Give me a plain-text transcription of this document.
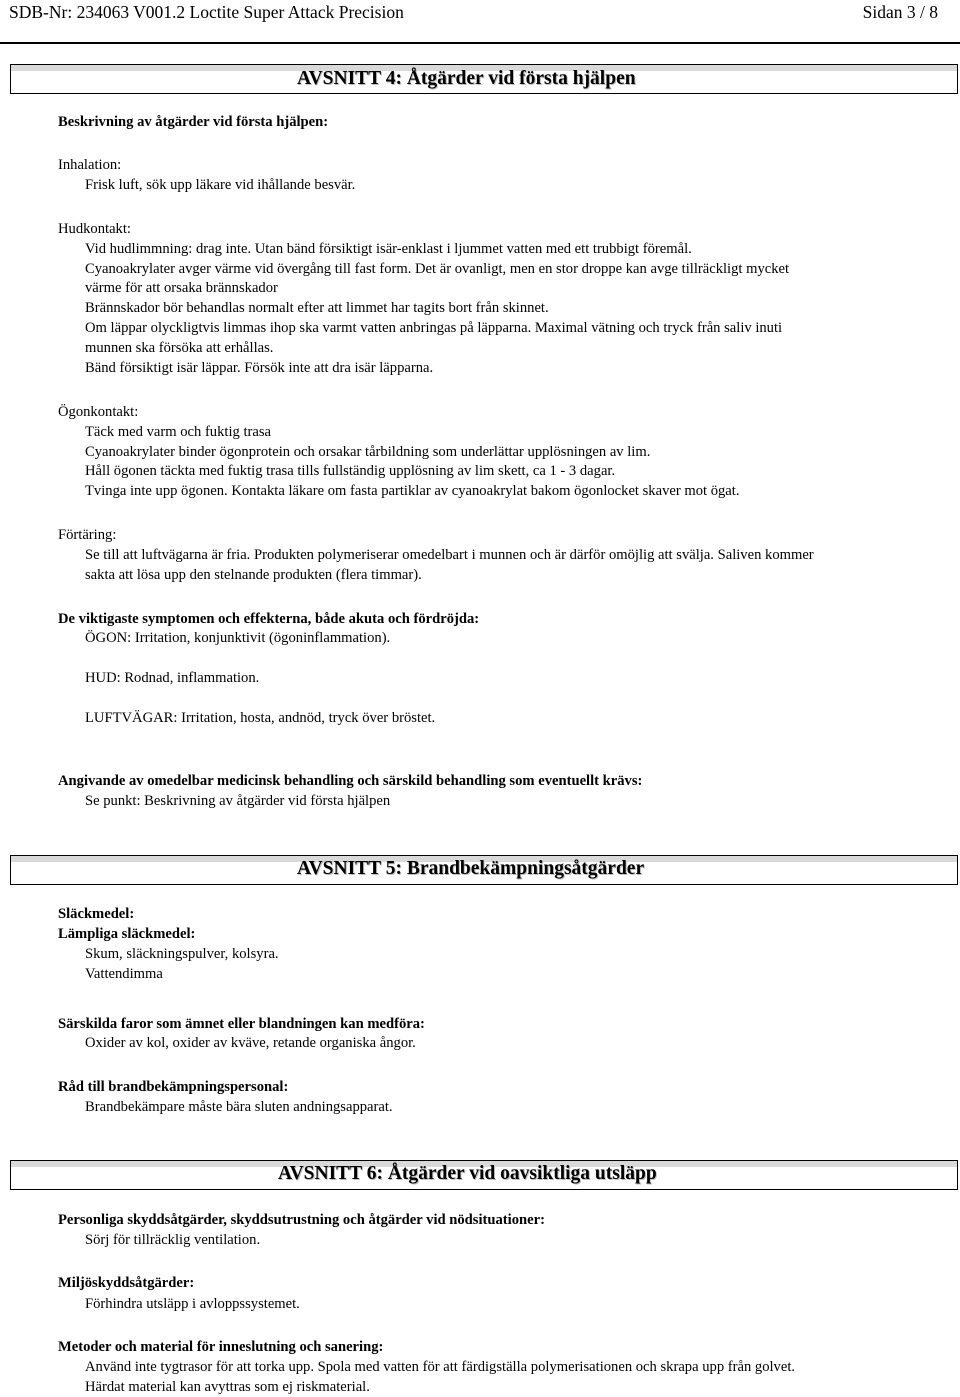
SDB-Nr: 234063 V001.2 Loctite Super Attack Precision	Sidan 3 / 8
AVSNITT 4: Åtgärder vid första hjälpen
Beskrivning av åtgärder vid första hjälpen:
Inhalation:
Frisk luft, sök upp läkare vid ihållande besvär.
Hudkontakt:
Vid hudlimmning: drag inte. Utan bänd försiktigt isär-enklast i ljummet vatten med ett trubbigt föremål.
Cyanoakrylater avger värme vid övergång till fast form. Det är ovanligt, men en stor droppe kan avge tillräckligt mycket
värme för att orsaka brännskador
Brännskador bör behandlas normalt efter att limmet har tagits bort från skinnet.
Om läppar olyckligtvis limmas ihop ska varmt vatten anbringas på läpparna. Maximal vätning och tryck från saliv inuti
munnen ska försöka att erhållas.
Bänd försiktigt isär läppar. Försök inte att dra isär läpparna.
Ögonkontakt:
Täck med varm och fuktig trasa
Cyanoakrylater binder ögonprotein och orsakar tårbildning som underlättar upplösningen av lim.
Håll ögonen täckta med fuktig trasa tills fullständig upplösning av lim skett, ca 1 - 3 dagar.
Tvinga inte upp ögonen. Kontakta läkare om fasta partiklar av cyanoakrylat bakom ögonlocket skaver mot ögat.
Förtäring:
Se till att luftvägarna är fria. Produkten polymeriserar omedelbart i munnen och är därför omöjlig att svälja. Saliven kommer
sakta att lösa upp den stelnande produkten (flera timmar).
De viktigaste symptomen och effekterna, både akuta och fördröjda:
ÖGON: Irritation, konjunktivit (ögoninflammation).
HUD: Rodnad, inflammation.
LUFTVÄGAR: Irritation, hosta, andnöd, tryck över bröstet.
Angivande av omedelbar medicinsk behandling och särskild behandling som eventuellt krävs:
Se punkt: Beskrivning av åtgärder vid första hjälpen
AVSNITT 5: Brandbekämpningsåtgärder
Släckmedel:
Lämpliga släckmedel:
Skum, släckningspulver, kolsyra.
Vattendimma
Särskilda faror som ämnet eller blandningen kan medföra:
Oxider av kol, oxider av kväve, retande organiska ångor.
Råd till brandbekämpningspersonal:
Brandbekämpare måste bära sluten andningsapparat.
AVSNITT 6: Åtgärder vid oavsiktliga utsläpp
Personliga skyddsåtgärder, skyddsutrustning och åtgärder vid nödsituationer:
Sörj för tillräcklig ventilation.
Miljöskyddsåtgärder:
Förhindra utsläpp i avloppssystemet.
Metoder och material för inneslutning och sanering:
Använd inte tygtrasor för att torka upp. Spola med vatten för att färdigställa polymerisationen och skrapa upp från golvet.
Härdat material kan avyttras som ej riskmaterial.
